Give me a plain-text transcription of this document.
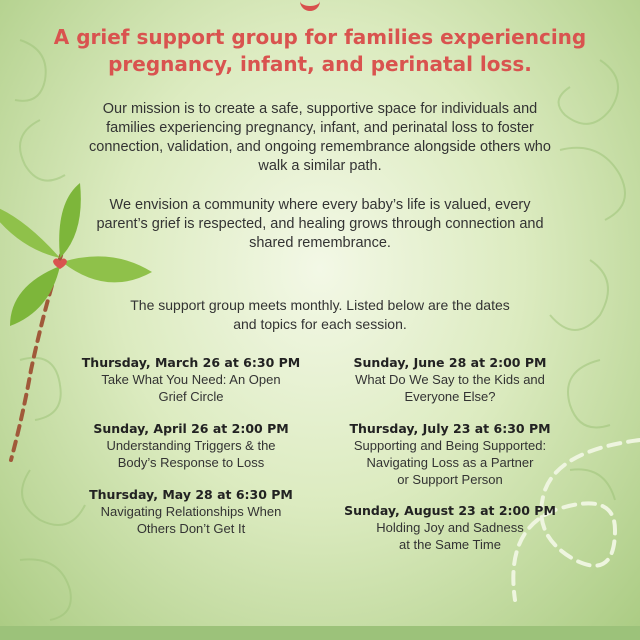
A grief support group for families experiencing
pregnancy, infant, and perinatal loss.
Our mission is to create a safe, supportive space for individuals and
families experiencing pregnancy, infant, and perinatal loss to foster
connection, validation, and ongoing remembrance alongside others who
walk a similar path.
We envision a community where every baby’s life is valued, every
parent’s grief is respected, and healing grows through connection and
shared remembrance.
The support group meets monthly. Listed below are the dates
and topics for each session.
Thursday, March 26 at 6:30 PM
Take What You Need: An Open
Grief Circle
Sunday, April 26 at 2:00 PM
Understanding Triggers & the
Body’s Response to Loss
Thursday, May 28 at 6:30 PM
Navigating Relationships When
Others Don’t Get It
Sunday, June 28 at 2:00 PM
What Do We Say to the Kids and
Everyone Else?
Thursday, July 23 at 6:30 PM
Supporting and Being Supported:
Navigating Loss as a Partner
or Support Person
Sunday, August 23 at 2:00 PM
Holding Joy and Sadness
at the Same Time
